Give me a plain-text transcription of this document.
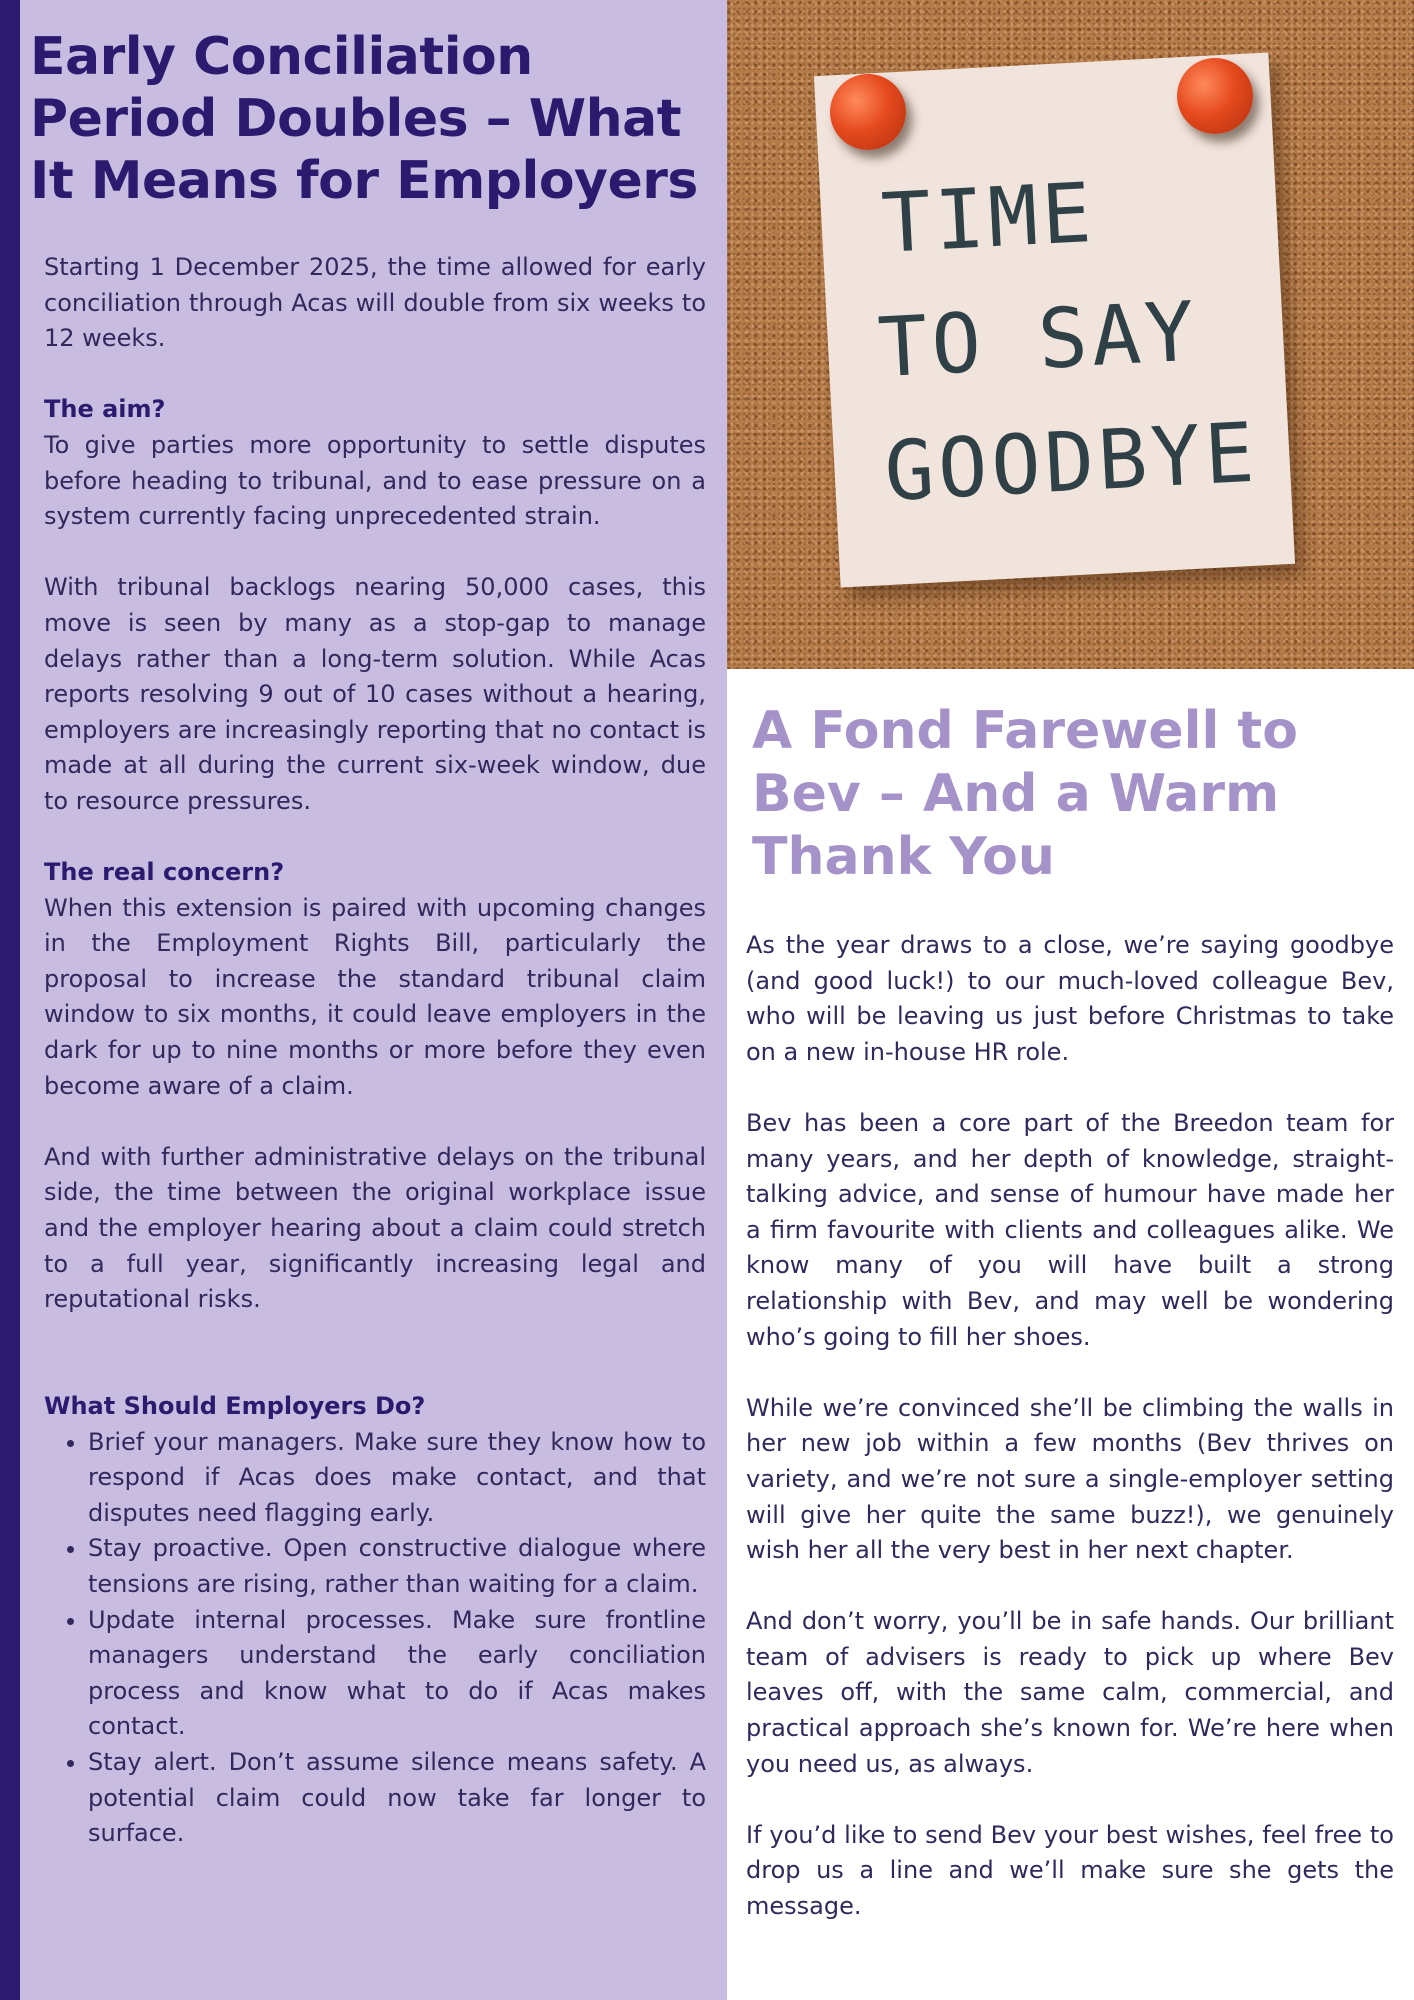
Early Conciliation Period Doubles – What It Means for Employers

Starting 1 December 2025, the time allowed for early conciliation through Acas will double from six weeks to 12 weeks.

The aim?

To give parties more opportunity to settle disputes before heading to tribunal, and to ease pressure on a system currently facing unprecedented strain.

With tribunal backlogs nearing 50,000 cases, this move is seen by many as a stop-gap to manage delays rather than a long-term solution. While Acas reports resolving 9 out of 10 cases without a hearing, employers are increasingly reporting that no contact is made at all during the current six-week window, due to resource pressures.

The real concern?

When this extension is paired with upcoming changes in the Employment Rights Bill, particularly the proposal to increase the standard tribunal claim window to six months, it could leave employers in the dark for up to nine months or more before they even become aware of a claim.

And with further administrative delays on the tribunal side, the time between the original workplace issue and the employer hearing about a claim could stretch to a full year, significantly increasing legal and reputational risks.

What Should Employers Do?
• Brief your managers. Make sure they know how to respond if Acas does make contact, and that disputes need flagging early.
• Stay proactive. Open constructive dialogue where tensions are rising, rather than waiting for a claim.
• Update internal processes. Make sure frontline managers understand the early conciliation process and know what to do if Acas makes contact.
• Stay alert. Don’t assume silence means safety. A potential claim could now take far longer to surface.
TIME
TO SAY
GOODBYE
A Fond Farewell to Bev – And a Warm Thank You

As the year draws to a close, we’re saying goodbye (and good luck!) to our much-loved colleague Bev, who will be leaving us just before Christmas to take on a new in-house HR role.

Bev has been a core part of the Breedon team for many years, and her depth of knowledge, straight-talking advice, and sense of humour have made her a firm favourite with clients and colleagues alike. We know many of you will have built a strong relationship with Bev, and may well be wondering who’s going to fill her shoes.

While we’re convinced she’ll be climbing the walls in her new job within a few months (Bev thrives on variety, and we’re not sure a single-employer setting will give her quite the same buzz!), we genuinely wish her all the very best in her next chapter.

And don’t worry, you’ll be in safe hands. Our brilliant team of advisers is ready to pick up where Bev leaves off, with the same calm, commercial, and practical approach she’s known for. We’re here when you need us, as always.

If you’d like to send Bev your best wishes, feel free to drop us a line and we’ll make sure she gets the message.
